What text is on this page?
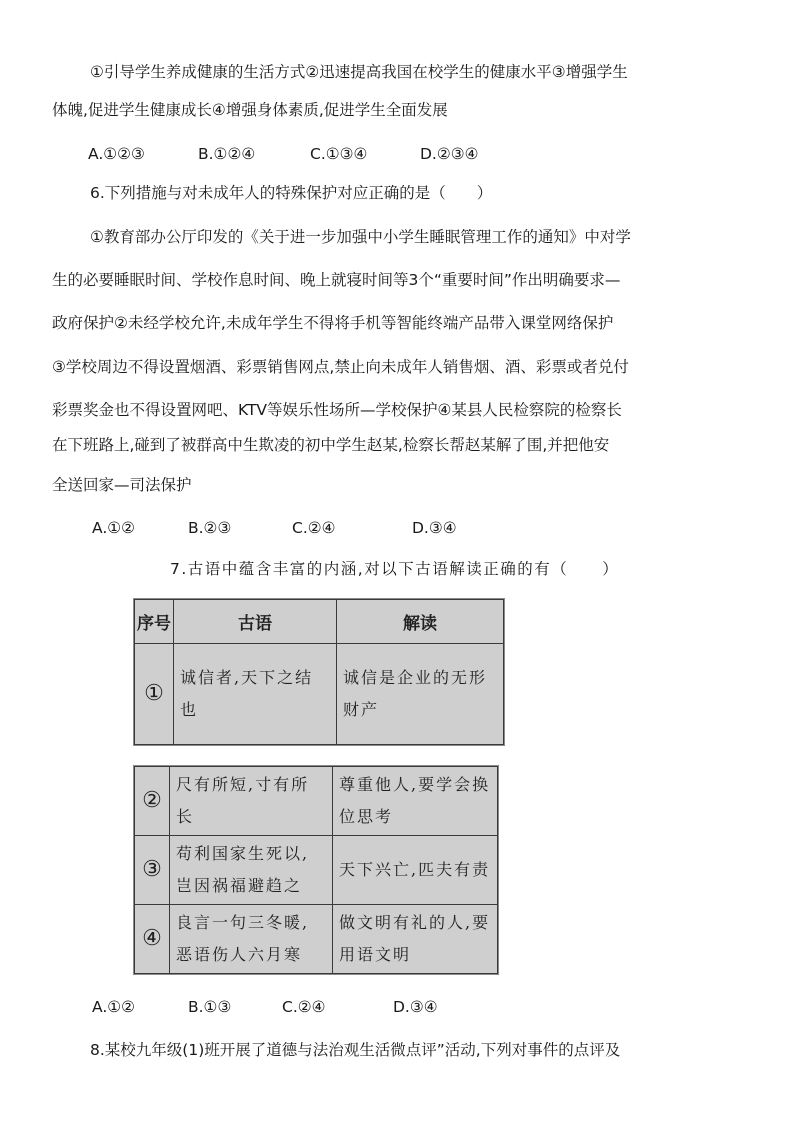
①引导学生养成健康的生活方式②迅速提高我国在校学生的健康水平③增强学生
体魄,促进学生健康成长④增强身体素质,促进学生全面发展
A.①②③	B.①②④	C.①③④	D.②③④
6.下列措施与对未成年人的特殊保护对应正确的是（　　）
①教育部办公厅印发的《关于进一步加强中小学生睡眠管理工作的通知》中对学
生的必要睡眠时间、学校作息时间、晚上就寝时间等3个“重要时间”作出明确要求—
政府保护②未经学校允许,未成年学生不得将手机等智能终端产品带入课堂网络保护
③学校周边不得设置烟酒、彩票销售网点,禁止向未成年人销售烟、酒、彩票或者兑付
彩票奖金也不得设置网吧、KTV等娱乐性场所—学校保护④某县人民检察院的检察长
在下班路上,碰到了被群高中生欺凌的初中学生赵某,检察长帮赵某解了围,并把他安
全送回家—司法保护
A.①②	B.②③	C.②④	D.③④
7.古语中蕴含丰富的内涵,对以下古语解读正确的有（　　）
序号	古语	解读
①	诚信者,天下之结也	诚信是企业的无形财产
②	尺有所短,寸有所长	尊重他人,要学会换位思考

③	苟利国家生死以,岂因祸福避趋之	天下兴亡,匹夫有责

④	良言一句三冬暖,恶语伤人六月寒	做文明有礼的人,要用语文明
A.①②	B.①③	C.②④	D.③④
8.某校九年级(1)班开展了道德与法治观生活微点评”活动,下列对事件的点评及
